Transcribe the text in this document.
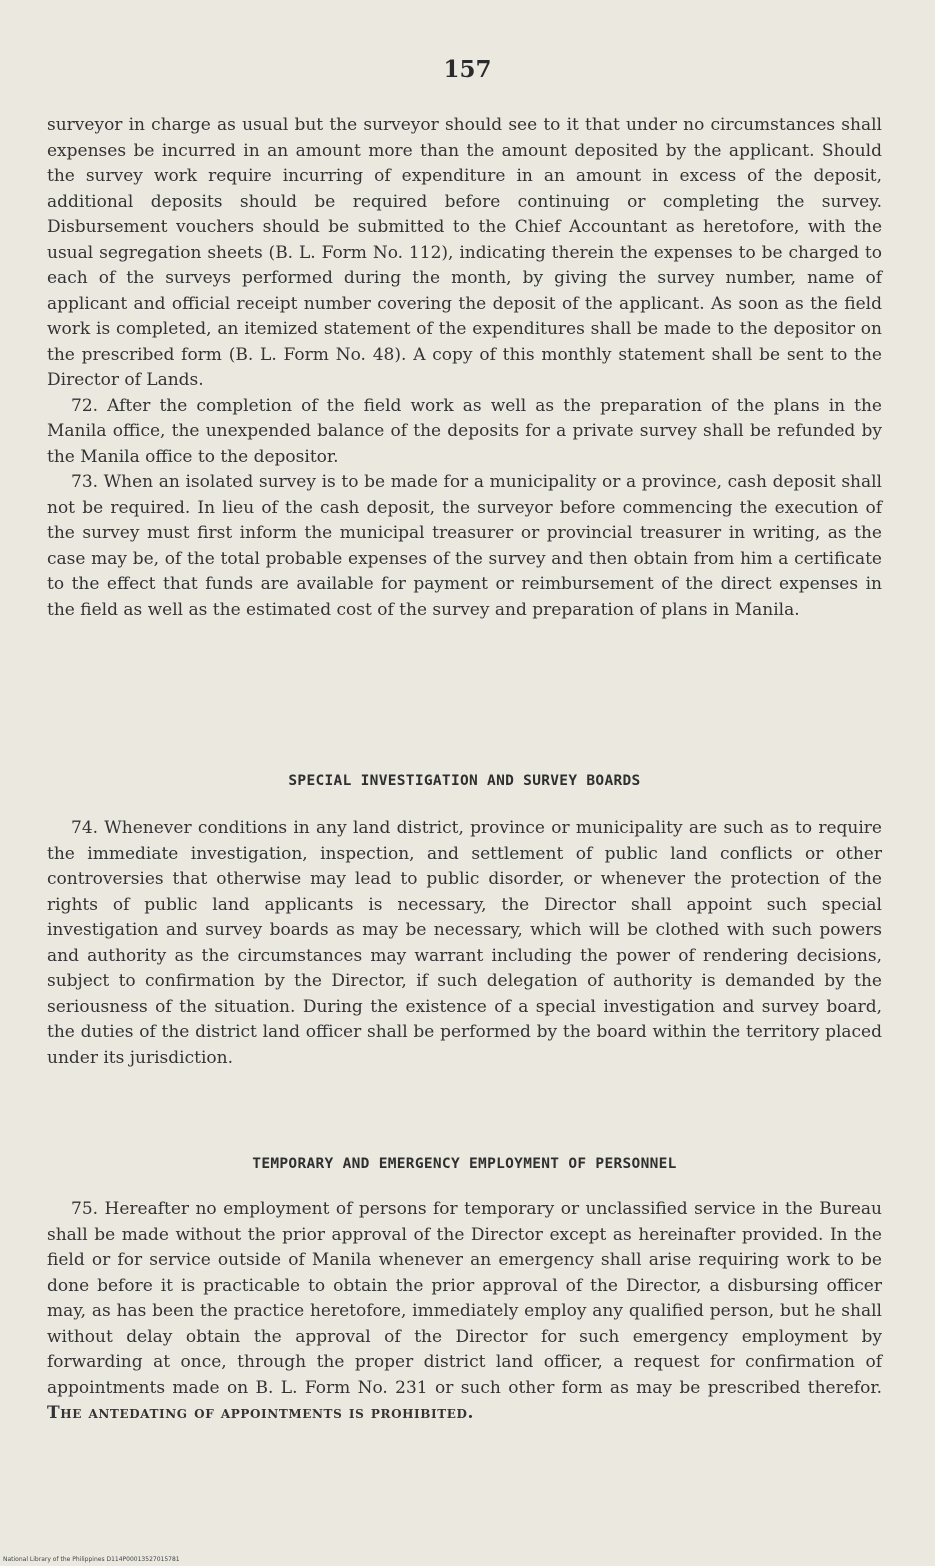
157

surveyor in charge as usual but the surveyor should see to it that under no circumstances shall expenses be incurred in an amount more than the amount deposited by the applicant. Should the survey work require incurring of expenditure in an amount in excess of the deposit, additional deposits should be required before continuing or completing the survey. Disbursement vouchers should be submitted to the Chief Accountant as heretofore, with the usual segregation sheets (B. L. Form No. 112), indicating therein the expenses to be charged to each of the surveys performed during the month, by giving the survey number, name of applicant and official receipt number covering the deposit of the applicant. As soon as the field work is completed, an itemized statement of the expenditures shall be made to the depositor on the prescribed form (B. L. Form No. 48). A copy of this monthly statement shall be sent to the Director of Lands.

72. After the completion of the field work as well as the preparation of the plans in the Manila office, the unexpended balance of the deposits for a private survey shall be refunded by the Manila office to the depositor.

73. When an isolated survey is to be made for a municipality or a province, cash deposit shall not be required. In lieu of the cash deposit, the surveyor before commencing the execution of the survey must first inform the municipal treasurer or provincial treasurer in writing, as the case may be, of the total probable expenses of the survey and then obtain from him a certificate to the effect that funds are available for payment or reimbursement of the direct expenses in the field as well as the estimated cost of the survey and preparation of plans in Manila.

SPECIAL INVESTIGATION AND SURVEY BOARDS

74. Whenever conditions in any land district, province or municipality are such as to require the immediate investigation, inspection, and settlement of public land conflicts or other controversies that otherwise may lead to public disorder, or whenever the protection of the rights of public land applicants is necessary, the Director shall appoint such special investigation and survey boards as may be necessary, which will be clothed with such powers and authority as the circumstances may warrant including the power of rendering decisions, subject to confirmation by the Director, if such delegation of authority is demanded by the seriousness of the situation. During the existence of a special investigation and survey board, the duties of the district land officer shall be performed by the board within the territory placed under its jurisdiction.

TEMPORARY AND EMERGENCY EMPLOYMENT OF PERSONNEL

75. Hereafter no employment of persons for temporary or unclassified service in the Bureau shall be made without the prior approval of the Director except as hereinafter provided. In the field or for service outside of Manila whenever an emergency shall arise requiring work to be done before it is practicable to obtain the prior approval of the Director, a disbursing officer may, as has been the practice heretofore, immediately employ any qualified person, but he shall without delay obtain the approval of the Director for such emergency employment by forwarding at once, through the proper district land officer, a request for confirmation of appointments made on B. L. Form No. 231 or such other form as may be prescribed therefor. The antedating of appointments is prohibited.

National Library of the Philippines D114P00013527015781
